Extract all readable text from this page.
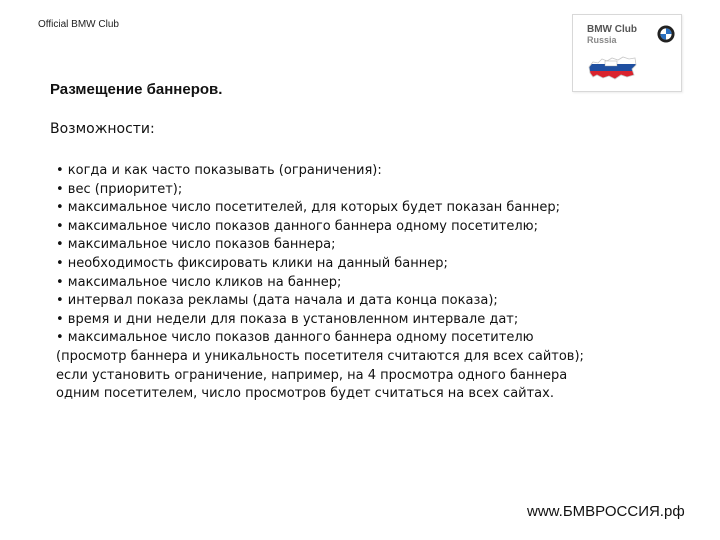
Official BMW Club	BMW Club
Russia
Размещение баннеров.
Возможности:
• когда и как часто показывать (ограничения):
• вес (приоритет);
• максимальное число посетителей, для которых будет показан баннер;
• максимальное число показов данного баннера одному посетителю;
• максимальное число показов баннера;
• необходимость фиксировать клики на данный баннер;
• максимальное число кликов на баннер;
• интервал показа рекламы (дата начала и дата конца показа);
• время и дни недели для показа в установленном интервале дат;
• максимальное число показов данного баннера одному посетителю
(просмотр баннера и уникальность посетителя считаются для всех сайтов);
если установить ограничение, например, на 4 просмотра одного баннера
одним посетителем, число просмотров будет считаться на всех сайтах.
www.БМВРОССИЯ.рф
